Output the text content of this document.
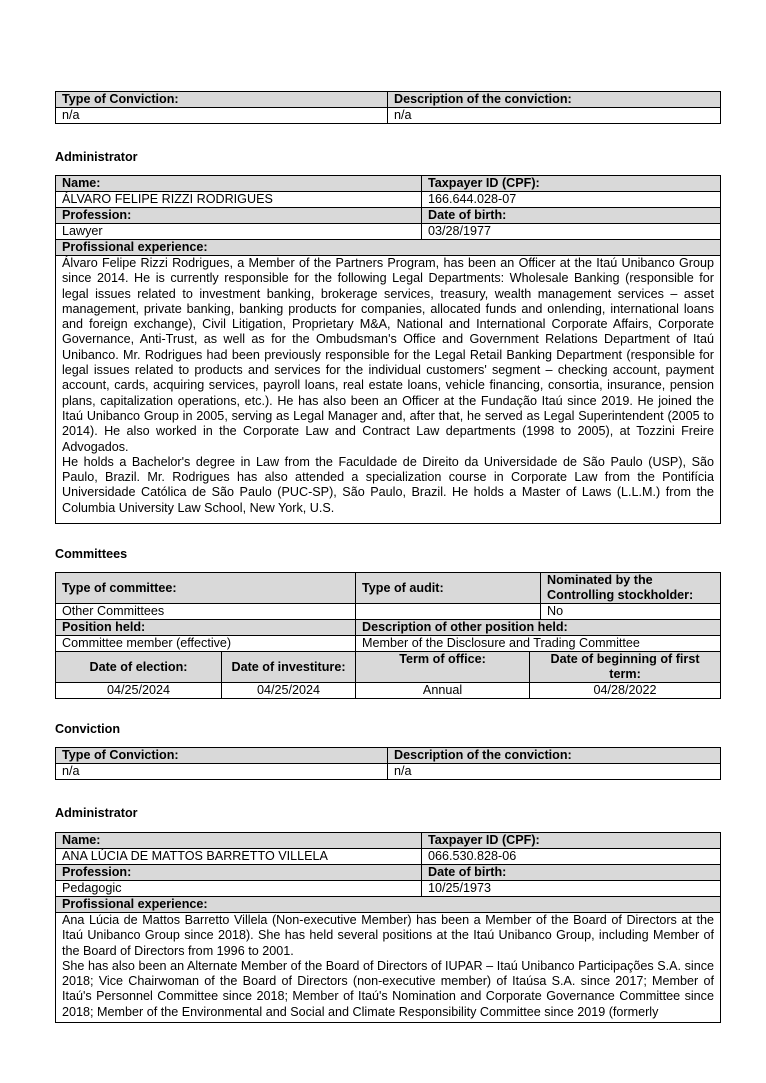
Type of Conviction:	Description of the conviction:
n/a	n/a
Administrator
Name:	Taxpayer ID (CPF):
ÁLVARO FELIPE RIZZI RODRIGUES	166.644.028-07
Profession:	Date of birth:
Lawyer	03/28/1977
Profissional experience:	

Álvaro Felipe Rizzi Rodrigues, a Member of the Partners Program, has been an Officer at the Itaú Unibanco Group since 2014. He is currently responsible for the following Legal Departments: Wholesale Banking (responsible for legal issues related to investment banking, brokerage services, treasury, wealth management services – asset management, private banking, banking products for companies, allocated funds and onlending, international loans and foreign exchange), Civil Litigation, Proprietary M&A, National and International Corporate Affairs, Corporate Governance, Anti-Trust, as well as for the Ombudsman's Office and Government Relations Department of Itaú Unibanco. Mr. Rodrigues had been previously responsible for the Legal Retail Banking Department (responsible for legal issues related to products and services for the individual customers' segment – checking account, payment account, cards, acquiring services, payroll loans, real estate loans, vehicle financing, consortia, insurance, pension plans, capitalization operations, etc.). He has also been an Officer at the Fundação Itaú since 2019. He joined the Itaú Unibanco Group in 2005, serving as Legal Manager and, after that, he served as Legal Superintendent (2005 to 2014). He also worked in the Corporate Law and Contract Law departments (1998 to 2005), at Tozzini Freire Advogados.

He holds a Bachelor's degree in Law from the Faculdade de Direito da Universidade de São Paulo (USP), São Paulo, Brazil. Mr. Rodrigues has also attended a specialization course in Corporate Law from the Pontifícia Universidade Católica de São Paulo (PUC-SP), São Paulo, Brazil. He holds a Master of Laws (L.L.M.) from the Columbia University Law School, New York, U.S.	

Committees
Type of committee:		Type of audit:		Nominated by the Controlling stockholder:
Other Committees				No
Position held:		Description of other position held:		
Committee member (effective)		Member of the Disclosure and Trading Committee		
Date of election:	Date of investiture:	Term of office:	Date of beginning of first term:	
04/25/2024	04/25/2024	Annual	04/28/2022	
Conviction
Type of Conviction:	Description of the conviction:
n/a	n/a
Administrator
Name:	Taxpayer ID (CPF):
ANA LÚCIA DE MATTOS BARRETTO VILLELA	066.530.828-06
Profession:	Date of birth:
Pedagogic	10/25/1973
Profissional experience:	

Ana Lúcia de Mattos Barretto Villela (Non-executive Member) has been a Member of the Board of Directors at the Itaú Unibanco Group since 2018). She has held several positions at the Itaú Unibanco Group, including Member of the Board of Directors from 1996 to 2001.

She has also been an Alternate Member of the Board of Directors of IUPAR – Itaú Unibanco Participações S.A. since 2018; Vice Chairwoman of the Board of Directors (non-executive member) of Itaúsa S.A. since 2017; Member of Itaú's Personnel Committee since 2018; Member of Itaú's Nomination and Corporate Governance Committee since 2018; Member of the Environmental and Social and Climate Responsibility Committee since 2019 (formerly	
